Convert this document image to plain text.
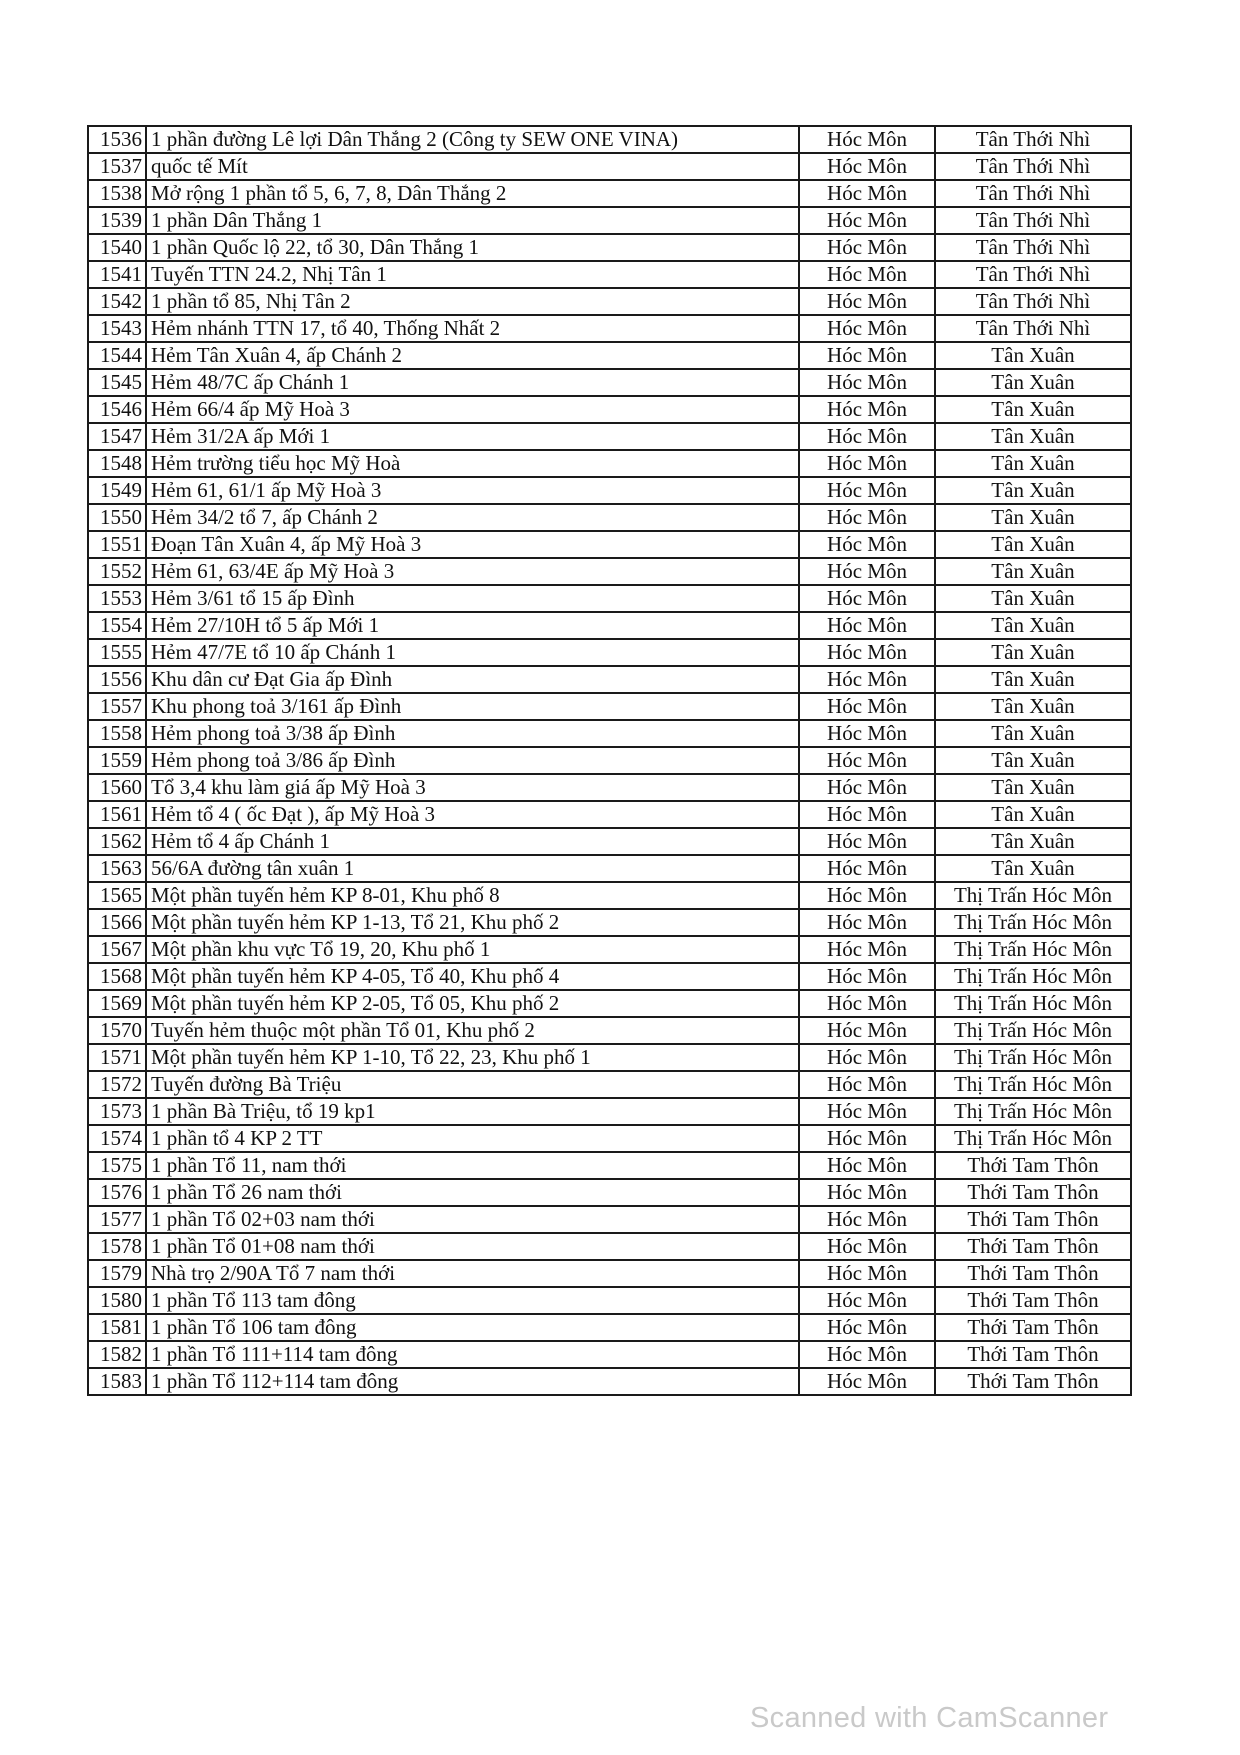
1536	1 phần đường Lê lợi Dân Thắng 2 (Công ty SEW ONE VINA)	Hóc Môn	Tân Thới Nhì
1537	quốc tế Mít	Hóc Môn	Tân Thới Nhì
1538	Mở rộng 1 phần tổ 5, 6, 7, 8, Dân Thắng 2	Hóc Môn	Tân Thới Nhì
1539	1 phần Dân Thắng 1	Hóc Môn	Tân Thới Nhì
1540	1 phần Quốc lộ 22, tổ 30, Dân Thắng 1	Hóc Môn	Tân Thới Nhì
1541	Tuyến TTN 24.2, Nhị Tân 1	Hóc Môn	Tân Thới Nhì
1542	1 phần tổ 85, Nhị Tân 2	Hóc Môn	Tân Thới Nhì
1543	Hẻm nhánh TTN 17, tổ 40, Thống Nhất 2	Hóc Môn	Tân Thới Nhì
1544	Hẻm Tân Xuân 4, ấp Chánh 2	Hóc Môn	Tân Xuân
1545	Hẻm 48/7C ấp Chánh 1	Hóc Môn	Tân Xuân
1546	Hẻm 66/4 ấp Mỹ Hoà 3	Hóc Môn	Tân Xuân
1547	Hẻm 31/2A ấp Mới 1	Hóc Môn	Tân Xuân
1548	Hẻm trường tiểu học Mỹ Hoà	Hóc Môn	Tân Xuân
1549	Hẻm 61, 61/1 ấp Mỹ Hoà 3	Hóc Môn	Tân Xuân
1550	Hẻm 34/2 tổ 7, ấp Chánh 2	Hóc Môn	Tân Xuân
1551	Đoạn Tân Xuân 4, ấp Mỹ Hoà 3	Hóc Môn	Tân Xuân
1552	Hẻm 61, 63/4E ấp Mỹ Hoà 3	Hóc Môn	Tân Xuân
1553	Hẻm 3/61 tổ 15 ấp Đình	Hóc Môn	Tân Xuân
1554	Hẻm 27/10H tổ 5 ấp Mới 1	Hóc Môn	Tân Xuân
1555	Hẻm 47/7E tổ 10 ấp Chánh 1	Hóc Môn	Tân Xuân
1556	Khu dân cư Đạt Gia ấp Đình	Hóc Môn	Tân Xuân
1557	Khu phong toả 3/161 ấp Đình	Hóc Môn	Tân Xuân
1558	Hẻm phong toả 3/38 ấp Đình	Hóc Môn	Tân Xuân
1559	Hẻm phong toả 3/86 ấp Đình	Hóc Môn	Tân Xuân
1560	Tổ 3,4 khu làm giá ấp Mỹ Hoà 3	Hóc Môn	Tân Xuân
1561	Hẻm tổ 4 ( ốc Đạt ), ấp Mỹ Hoà 3	Hóc Môn	Tân Xuân
1562	Hẻm tổ 4 ấp Chánh 1	Hóc Môn	Tân Xuân
1563	56/6A đường tân xuân 1	Hóc Môn	Tân Xuân
1565	Một phần tuyến hẻm KP 8-01, Khu phố 8	Hóc Môn	Thị Trấn Hóc Môn
1566	Một phần tuyến hẻm KP 1-13, Tổ 21, Khu phố 2	Hóc Môn	Thị Trấn Hóc Môn
1567	Một phần khu vực Tổ 19, 20, Khu phố 1	Hóc Môn	Thị Trấn Hóc Môn
1568	Một phần tuyến hẻm KP 4-05, Tổ 40, Khu phố 4	Hóc Môn	Thị Trấn Hóc Môn
1569	Một phần tuyến hẻm KP 2-05, Tổ 05, Khu phố 2	Hóc Môn	Thị Trấn Hóc Môn
1570	Tuyến hẻm thuộc một phần Tổ 01, Khu phố 2	Hóc Môn	Thị Trấn Hóc Môn
1571	Một phần tuyến hẻm KP 1-10, Tổ 22, 23, Khu phố 1	Hóc Môn	Thị Trấn Hóc Môn
1572	Tuyến đường Bà Triệu	Hóc Môn	Thị Trấn Hóc Môn
1573	1 phần Bà Triệu, tổ 19 kp1	Hóc Môn	Thị Trấn Hóc Môn
1574	1 phần tổ 4 KP 2 TT	Hóc Môn	Thị Trấn Hóc Môn
1575	1 phần Tổ 11, nam thới	Hóc Môn	Thới Tam Thôn
1576	1 phần Tổ 26 nam thới	Hóc Môn	Thới Tam Thôn
1577	1 phần Tổ 02+03 nam thới	Hóc Môn	Thới Tam Thôn
1578	1 phần Tổ 01+08 nam thới	Hóc Môn	Thới Tam Thôn
1579	Nhà trọ 2/90A Tổ 7 nam thới	Hóc Môn	Thới Tam Thôn
1580	1 phần Tổ 113 tam đông	Hóc Môn	Thới Tam Thôn
1581	1 phần Tổ 106 tam đông	Hóc Môn	Thới Tam Thôn
1582	1 phần Tổ 111+114 tam đông	Hóc Môn	Thới Tam Thôn
1583	1 phần Tổ 112+114 tam đông	Hóc Môn	Thới Tam Thôn
Scanned with CamScanner
